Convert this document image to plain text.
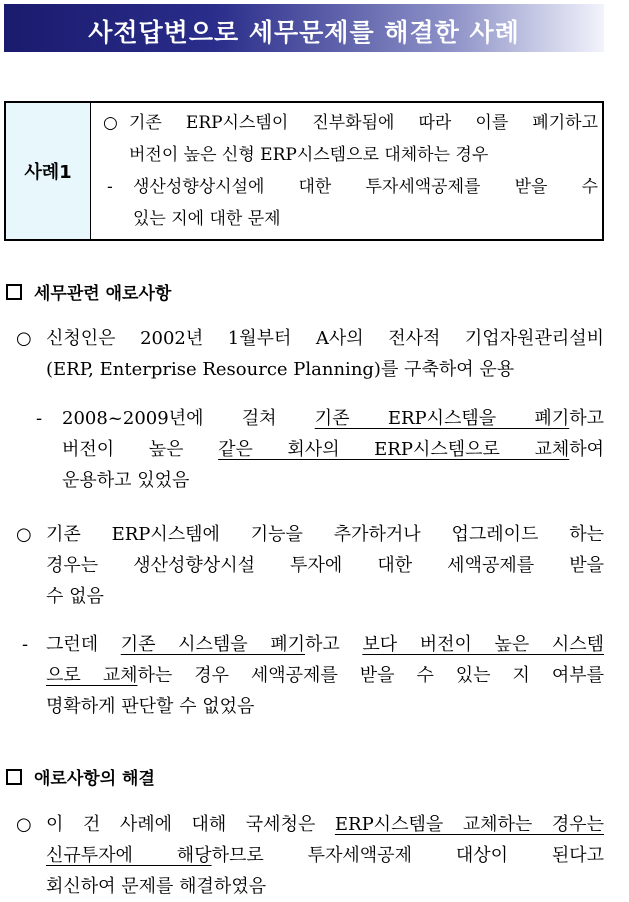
사전답변으로 세무문제를 해결한 사례
사례1
○ 기존 ERP시스템이 진부화됨에 따라 이를 폐기하고
버전이 높은 신형 ERP시스템으로 대체하는 경우
- 생산성향상시설에 대한 투자세액공제를 받을 수
있는 지에 대한 문제
세무관련 애로사항
○ 신청인은 2002년 1월부터 A사의 전사적 기업자원관리설비
(ERP, Enterprise Resource Planning)를 구축하여 운용
- 2008~2009년에 걸쳐 기존 ERP시스템을 폐기하고
버전이 높은 같은 회사의 ERP시스템으로 교체하여
운용하고 있었음
○ 기존 ERP시스템에 기능을 추가하거나 업그레이드 하는
경우는 생산성향상시설 투자에 대한 세액공제를 받을
수 없음
- 그런데 기존 시스템을 폐기하고 보다 버전이 높은 시스템
으로 교체하는 경우 세액공제를 받을 수 있는 지 여부를
명확하게 판단할 수 없었음
애로사항의 해결
○ 이 건 사례에 대해 국세청은 ERP시스템을 교체하는 경우는
신규투자에 해당하므로 투자세액공제 대상이 된다고
회신하여 문제를 해결하였음
